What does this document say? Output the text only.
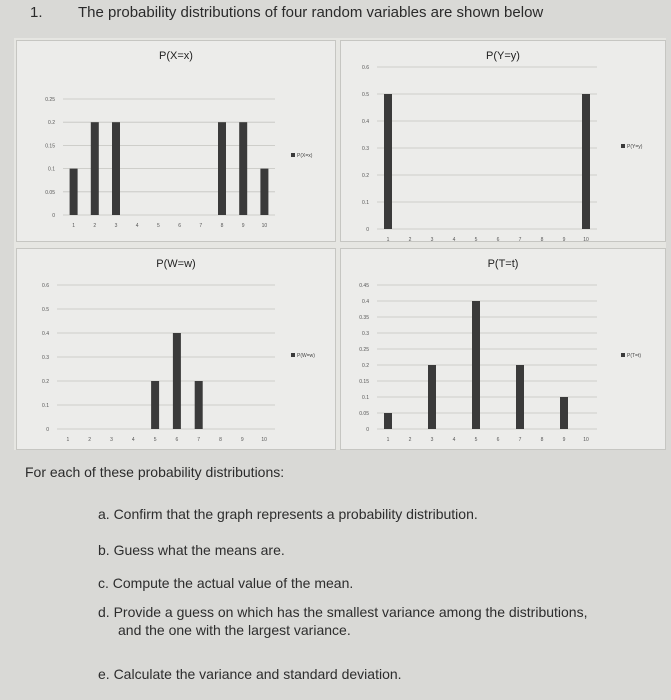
1. The probability distributions of four random variables are shown below
P(X=x)
0
0.05
0.1
0.15
0.2
0.25
1	2	3	4	5	6	7	8	9	10
P(X=x)
P(Y=y)
0
0.1
0.2
0.3
0.4
0.5
0.6
1	2	3	4	5	6	7	8	9	10
P(Y=y)
P(W=w)
0
0.1
0.2
0.3
0.4
0.5
0.6
1	2	3	4	5	6	7	8	9	10
P(W=w)
P(T=t)
0
0.05
0.1
0.15
0.2
0.25
0.3
0.35
0.4
0.45
1	2	3	4	5	6	7	8	9	10
P(T=t)
For each of these probability distributions:
a. Confirm that the graph represents a probability distribution.
b. Guess what the means are.
c. Compute the actual value of the mean.
d. Provide a guess on which has the smallest variance among the distributions,
and the one with the largest variance.
e. Calculate the variance and standard deviation.
